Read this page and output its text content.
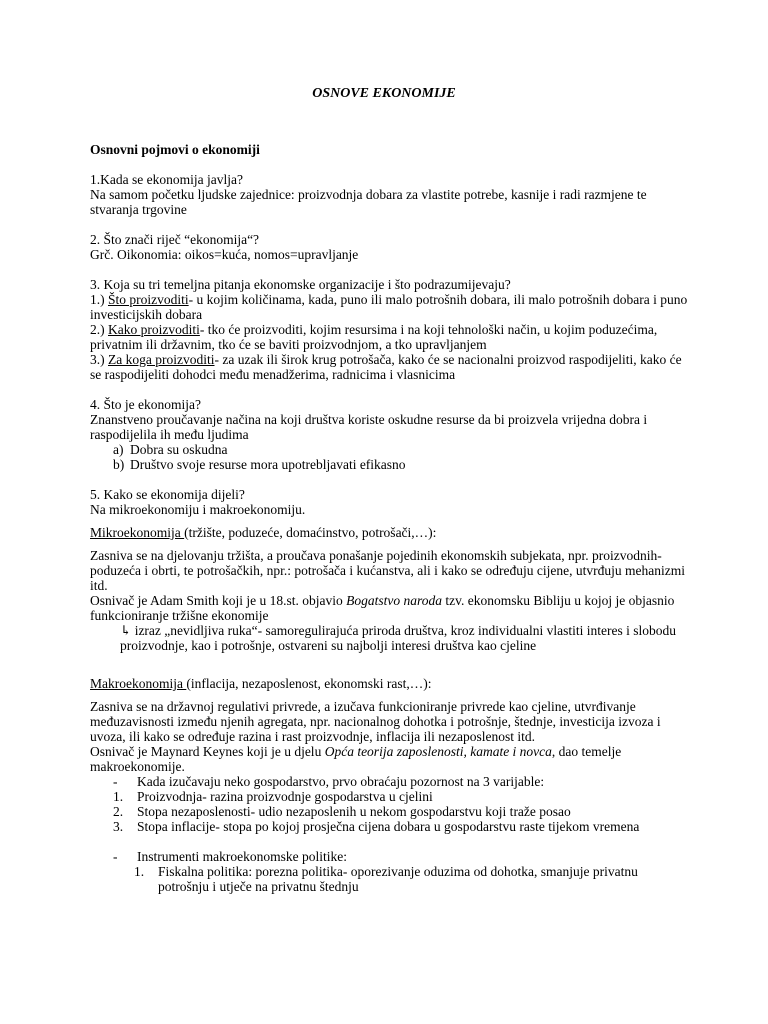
OSNOVE EKONOMIJE

Osnovni pojmovi o ekonomiji

1.Kada se ekonomija javlja?

Na samom početku ljudske zajednice: proizvodnja dobara za vlastite potrebe, kasnije i radi razmjene te stvaranja trgovine

2. Što znači riječ “ekonomija“?

Grč. Oikonomia: oikos=kuća, nomos=upravljanje

3. Koja su tri temeljna pitanja ekonomske organizacije i što podrazumijevaju?

1.) Što proizvoditi- u kojim količinama, kada, puno ili malo potrošnih dobara, ili malo potrošnih dobara i puno investicijskih dobara

2.) Kako proizvoditi- tko će proizvoditi, kojim resursima i na koji tehnološki način, u kojim poduzećima, privatnim ili državnim, tko će se baviti proizvodnjom, a tko upravljanjem

3.) Za koga proizvoditi- za uzak ili širok krug potrošača, kako će se nacionalni proizvod raspodijeliti, kako će se raspodijeliti dohodci među menadžerima, radnicima i vlasnicima

4. Što je ekonomija?

Znanstveno proučavanje načina na koji društva koriste oskudne resurse da bi proizvela vrijedna dobra i raspodijelila ih među ljudima

a) Dobra su oskudna
b) Društvo svoje resurse mora upotrebljavati efikasno

5. Kako se ekonomija dijeli?

Na mikroekonomiju i makroekonomiju.

Mikroekonomija (tržište, poduzeće, domaćinstvo, potrošači,…):

Zasniva se na djelovanju tržišta, a proučava ponašanje pojedinih ekonomskih subjekata, npr. proizvodnih- poduzeća i obrti, te potrošačkih, npr.: potrošača i kućanstva, ali i kako se određuju cijene, utvrđuju mehanizmi itd.

Osnivač je Adam Smith koji je u 18.st. objavio Bogatstvo naroda tzv. ekonomsku Bibliju u kojoj je objasnio funkcioniranje tržišne ekonomije

↳ izraz „nevidljiva ruka“- samoregulirajuća priroda društva, kroz individualni vlastiti interes i slobodu proizvodnje, kao i potrošnje, ostvareni su najbolji interesi društva kao cjeline

Makroekonomija (inflacija, nezaposlenost, ekonomski rast,…):

Zasniva se na državnoj regulativi privrede, a izučava funkcioniranje privrede kao cjeline, utvrđivanje međuzavisnosti između njenih agregata, npr. nacionalnog dohotka i potrošnje, štednje, investicija izvoza i uvoza, ili kako se određuje razina i rast proizvodnje, inflacija ili nezaposlenost itd.

Osnivač je Maynard Keynes koji je u djelu Opća teorija zaposlenosti, kamate i novca, dao temelje makroekonomije.

-	Kada izučavaju neko gospodarstvo, prvo obraćaju pozornost na 3 varijable:
1.	Proizvodnja- razina proizvodnje gospodarstva u cjelini
2.	Stopa nezaposlenosti- udio nezaposlenih u nekom gospodarstvu koji traže posao
3.	Stopa inflacije- stopa po kojoj prosječna cijena dobara u gospodarstvu raste tijekom vremena
-	Instrumenti makroekonomske politike:
1.	Fiskalna politika: porezna politika- oporezivanje oduzima od dohotka, smanjuje privatnu potrošnju i utječe na privatnu štednju
